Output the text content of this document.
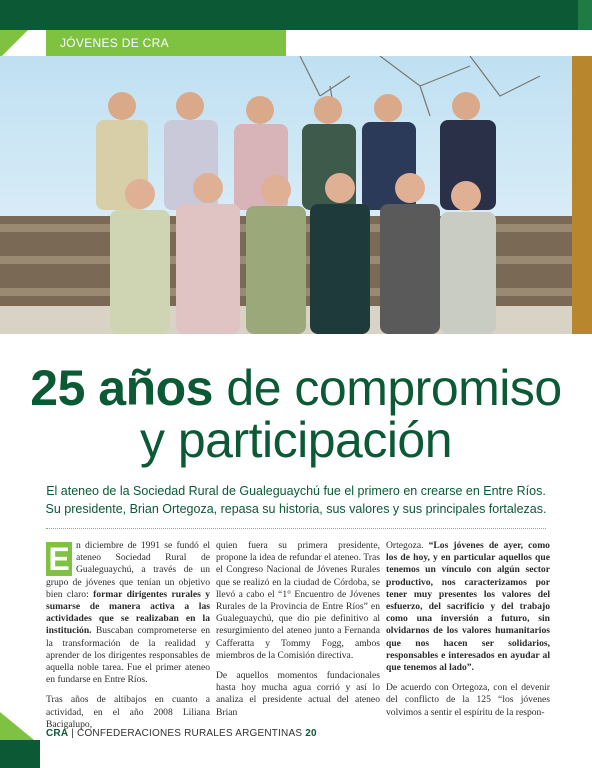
JÓVENES DE CRA
25 años de compromiso
y participación
El ateneo de la Sociedad Rural de Gualeguaychú fue el primero en crearse en Entre Ríos. Su presidente, Brian Ortegoza, repasa su historia, sus valores y sus principales fortalezas.

E n diciembre de 1991 se fundó el ateneo Sociedad Rural de Gualeguaychú, a través de un grupo de jóvenes que tenían un objetivo bien claro: formar dirigentes rurales y sumarse de manera activa a las actividades que se realizaban en la institución. Buscaban comprometerse en la transformación de la realidad y aprender de los dirigentes responsables de aquella noble tarea. Fue el primer ateneo en fundarse en Entre Ríos.

Tras años de altibajos en cuanto a actividad, en el año 2008 Liliana Bacigalupo,

quien fuera su primera presidente, propone la idea de refundar el ateneo. Tras el Congreso Nacional de Jóvenes Rurales que se realizó en la ciudad de Córdoba, se llevó a cabo el “1° Encuentro de Jóvenes Rurales de la Provincia de Entre Ríos” en Gualeguaychú, que dio pie definitivo al resurgimiento del ateneo junto a Fernanda Cafferatta y Tommy Fogg, ambos miembros de la Comisión directiva.

De aquellos momentos fundacionales hasta hoy mucha agua corrió y así lo analiza el presidente actual del ateneo Brian

Ortegoza. “Los jóvenes de ayer, como los de hoy, y en particular aquellos que tenemos un vínculo con algún sector productivo, nos caracterizamos por tener muy presentes los valores del esfuerzo, del sacrificio y del trabajo como una inversión a futuro, sin olvidarnos de los valores humanitarios que nos hacen ser solidarios, responsables e interesados en ayudar al que tenemos al lado”.

De acuerdo con Ortegoza, con el devenir del conflicto de la 125 “los jóvenes volvimos a sentir el espíritu de la respon-

CRA | CONFEDERACIONES RURALES ARGENTINAS 20
